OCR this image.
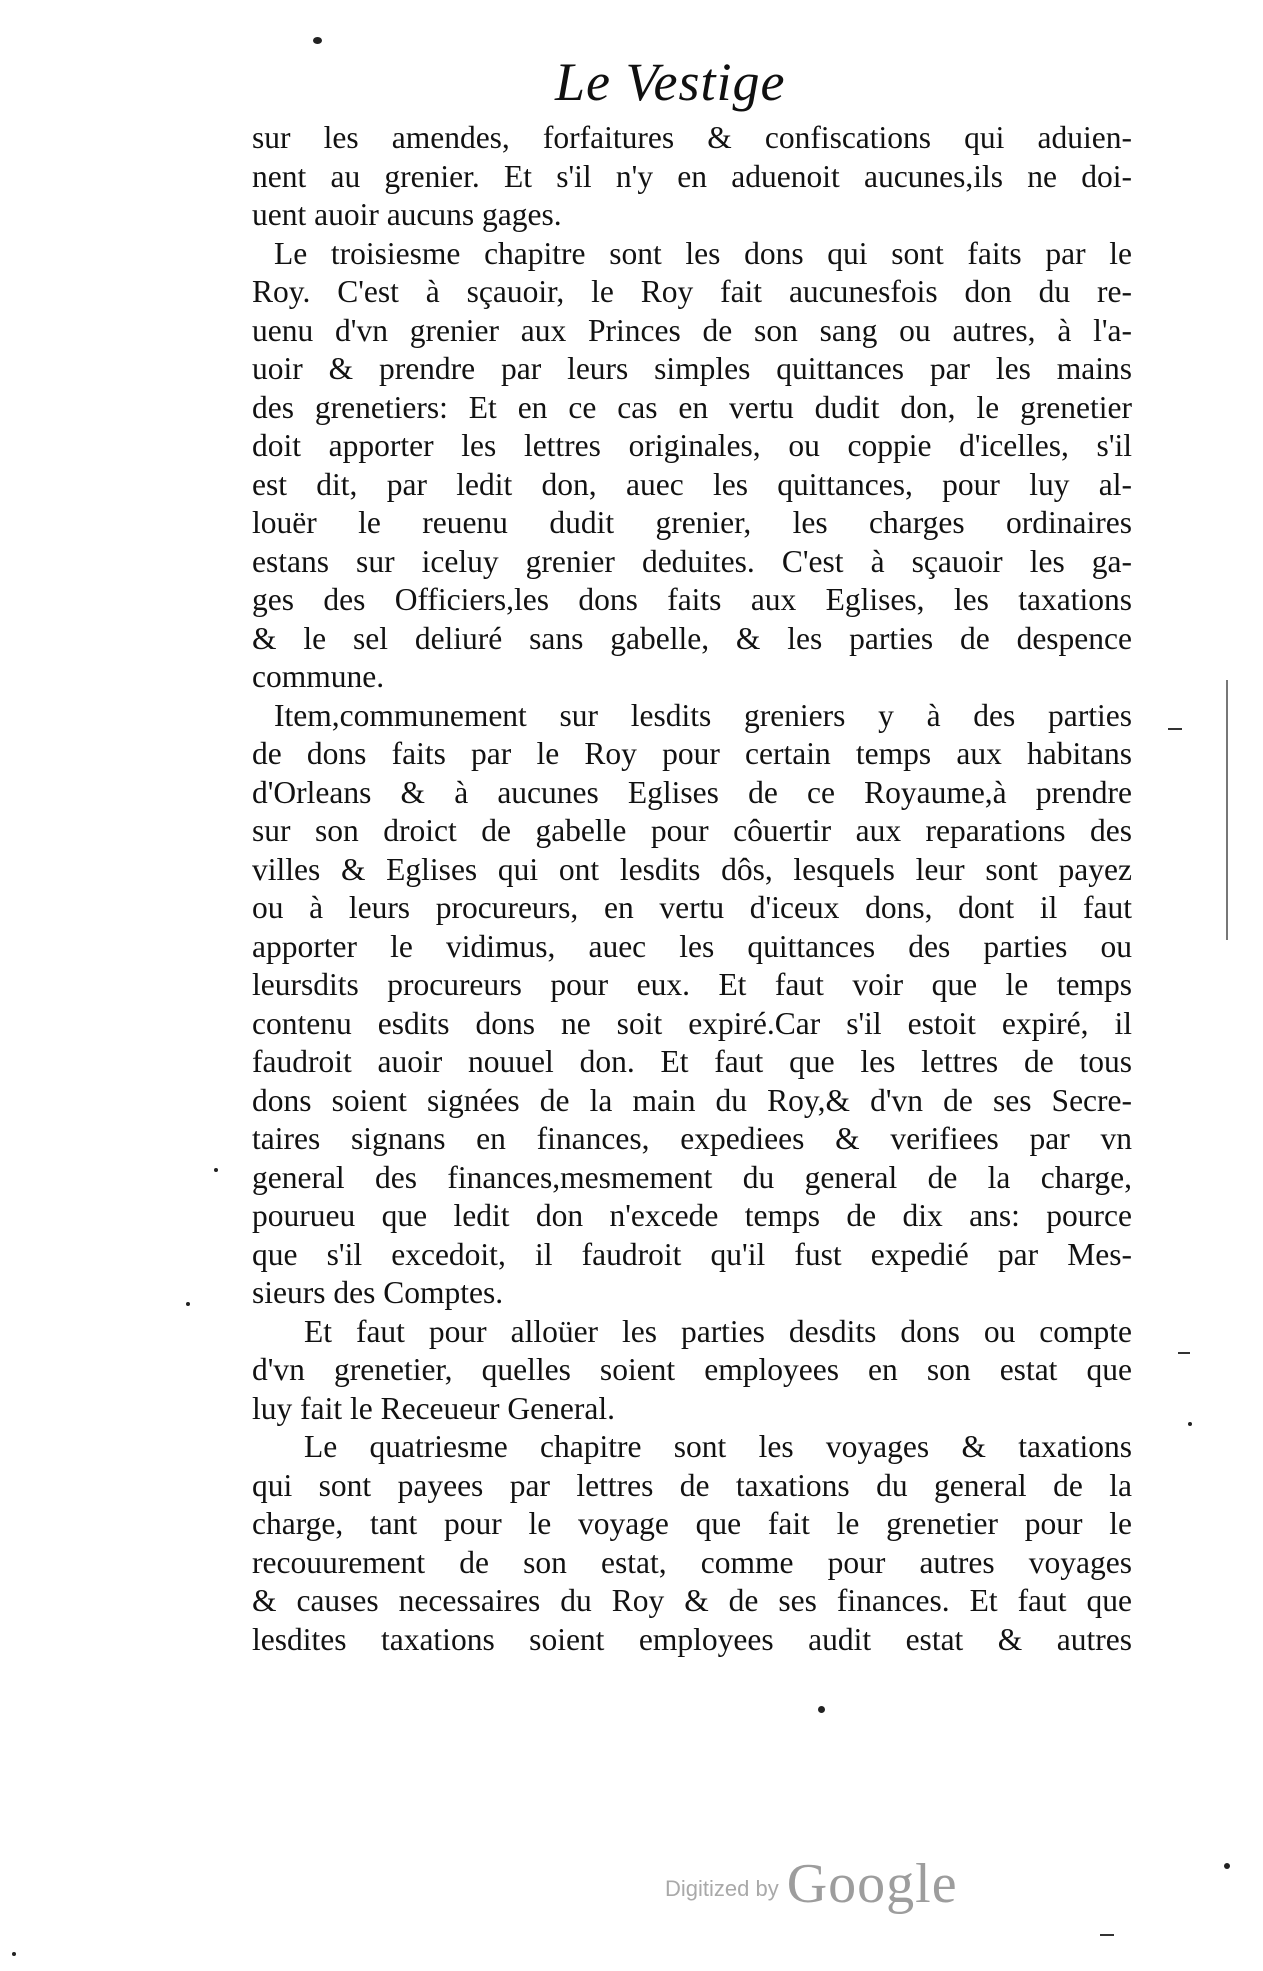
Le Vestige
sur les amendes, forfaitures & confiscations qui aduien-
nent au grenier. Et s'il n'y en aduenoit aucunes,ils ne doi-
uent auoir aucuns gages.
Le troisiesme chapitre sont les dons qui sont faits par le
Roy. C'est à sçauoir, le Roy fait aucunesfois don du re-
uenu d'vn grenier aux Princes de son sang ou autres, à l'a-
uoir & prendre par leurs simples quittances par les mains
des grenetiers: Et en ce cas en vertu dudit don, le grenetier
doit apporter les lettres originales, ou coppie d'icelles, s'il
est dit, par ledit don, auec les quittances, pour luy al-
louër le reuenu dudit grenier, les charges ordinaires
estans sur iceluy grenier deduites. C'est à sçauoir les ga-
ges des Officiers,les dons faits aux Eglises, les taxations
& le sel deliuré sans gabelle, & les parties de despence
commune.
Item,communement sur lesdits greniers y à des parties
de dons faits par le Roy pour certain temps aux habitans
d'Orleans & à aucunes Eglises de ce Royaume,à prendre
sur son droict de gabelle pour côuertir aux reparations des
villes & Eglises qui ont lesdits dôs, lesquels leur sont payez
ou à leurs procureurs, en vertu d'iceux dons, dont il faut
apporter le vidimus, auec les quittances des parties ou
leursdits procureurs pour eux. Et faut voir que le temps
contenu esdits dons ne soit expiré.Car s'il estoit expiré, il
faudroit auoir nouuel don. Et faut que les lettres de tous
dons soient signées de la main du Roy,& d'vn de ses Secre-
taires signans en finances, expediees & verifiees par vn
general des finances,mesmement du general de la charge,
pourueu que ledit don n'excede temps de dix ans: pource
que s'il excedoit, il faudroit qu'il fust expedié par Mes-
sieurs des Comptes.
Et faut pour alloüer les parties desdits dons ou compte
d'vn grenetier, quelles soient employees en son estat que
luy fait le Receueur General.
Le quatriesme chapitre sont les voyages & taxations
qui sont payees par lettres de taxations du general de la
charge, tant pour le voyage que fait le grenetier pour le
recouurement de son estat, comme pour autres voyages
& causes necessaires du Roy & de ses finances. Et faut que
lesdites taxations soient employees audit estat & autres
Digitized by Google
